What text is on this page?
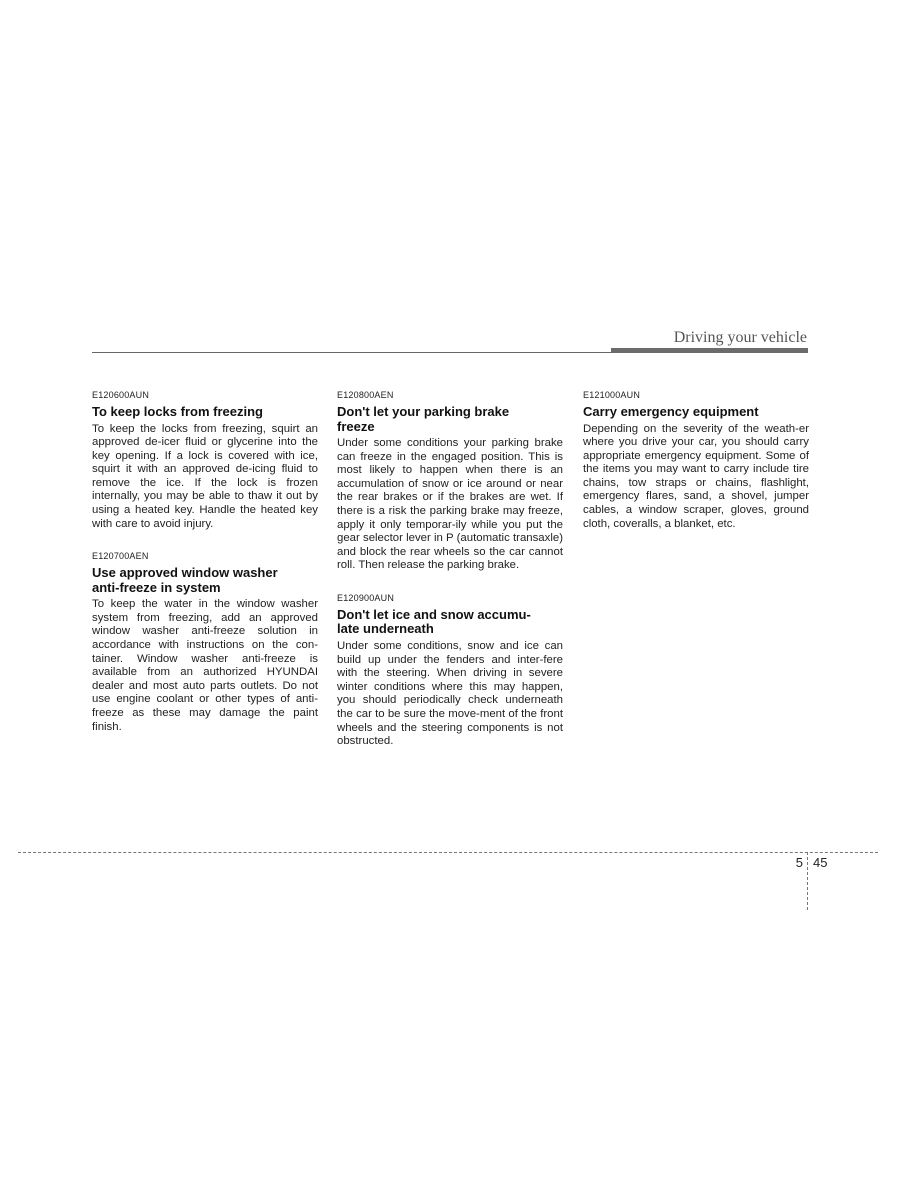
Driving your vehicle
E120600AUN
To keep locks from freezing
To keep the locks from freezing, squirt an approved de-icer fluid or glycerine into the key opening. If a lock is covered with ice, squirt it with an approved de-icing fluid to remove the ice. If the lock is frozen internally, you may be able to thaw it out by using a heated key. Handle the heated key with care to avoid injury.
E120700AEN
Use approved window washer
anti-freeze in system
To keep the water in the window washer system from freezing, add an approved window washer anti-freeze solution in accordance with instructions on the con-tainer. Window washer anti-freeze is available from an authorized HYUNDAI dealer and most auto parts outlets. Do not use engine coolant or other types of anti-freeze as these may damage the paint finish.
E120800AEN
Don't let your parking brake
freeze
Under some conditions your parking brake can freeze in the engaged position. This is most likely to happen when there is an accumulation of snow or ice around or near the rear brakes or if the brakes are wet. If there is a risk the parking brake may freeze, apply it only temporar-ily while you put the gear selector lever in P (automatic transaxle) and block the rear wheels so the car cannot roll. Then release the parking brake.
E120900AUN
Don't let ice and snow accumu-
late underneath
Under some conditions, snow and ice can build up under the fenders and inter-fere with the steering. When driving in severe winter conditions where this may happen, you should periodically check underneath the car to be sure the move-ment of the front wheels and the steering components is not obstructed.
E121000AUN
Carry emergency equipment
Depending on the severity of the weath-er where you drive your car, you should carry appropriate emergency equipment. Some of the items you may want to carry include tire chains, tow straps or chains, flashlight, emergency flares, sand, a shovel, jumper cables, a window scraper, gloves, ground cloth, coveralls, a blanket, etc.
5 45
